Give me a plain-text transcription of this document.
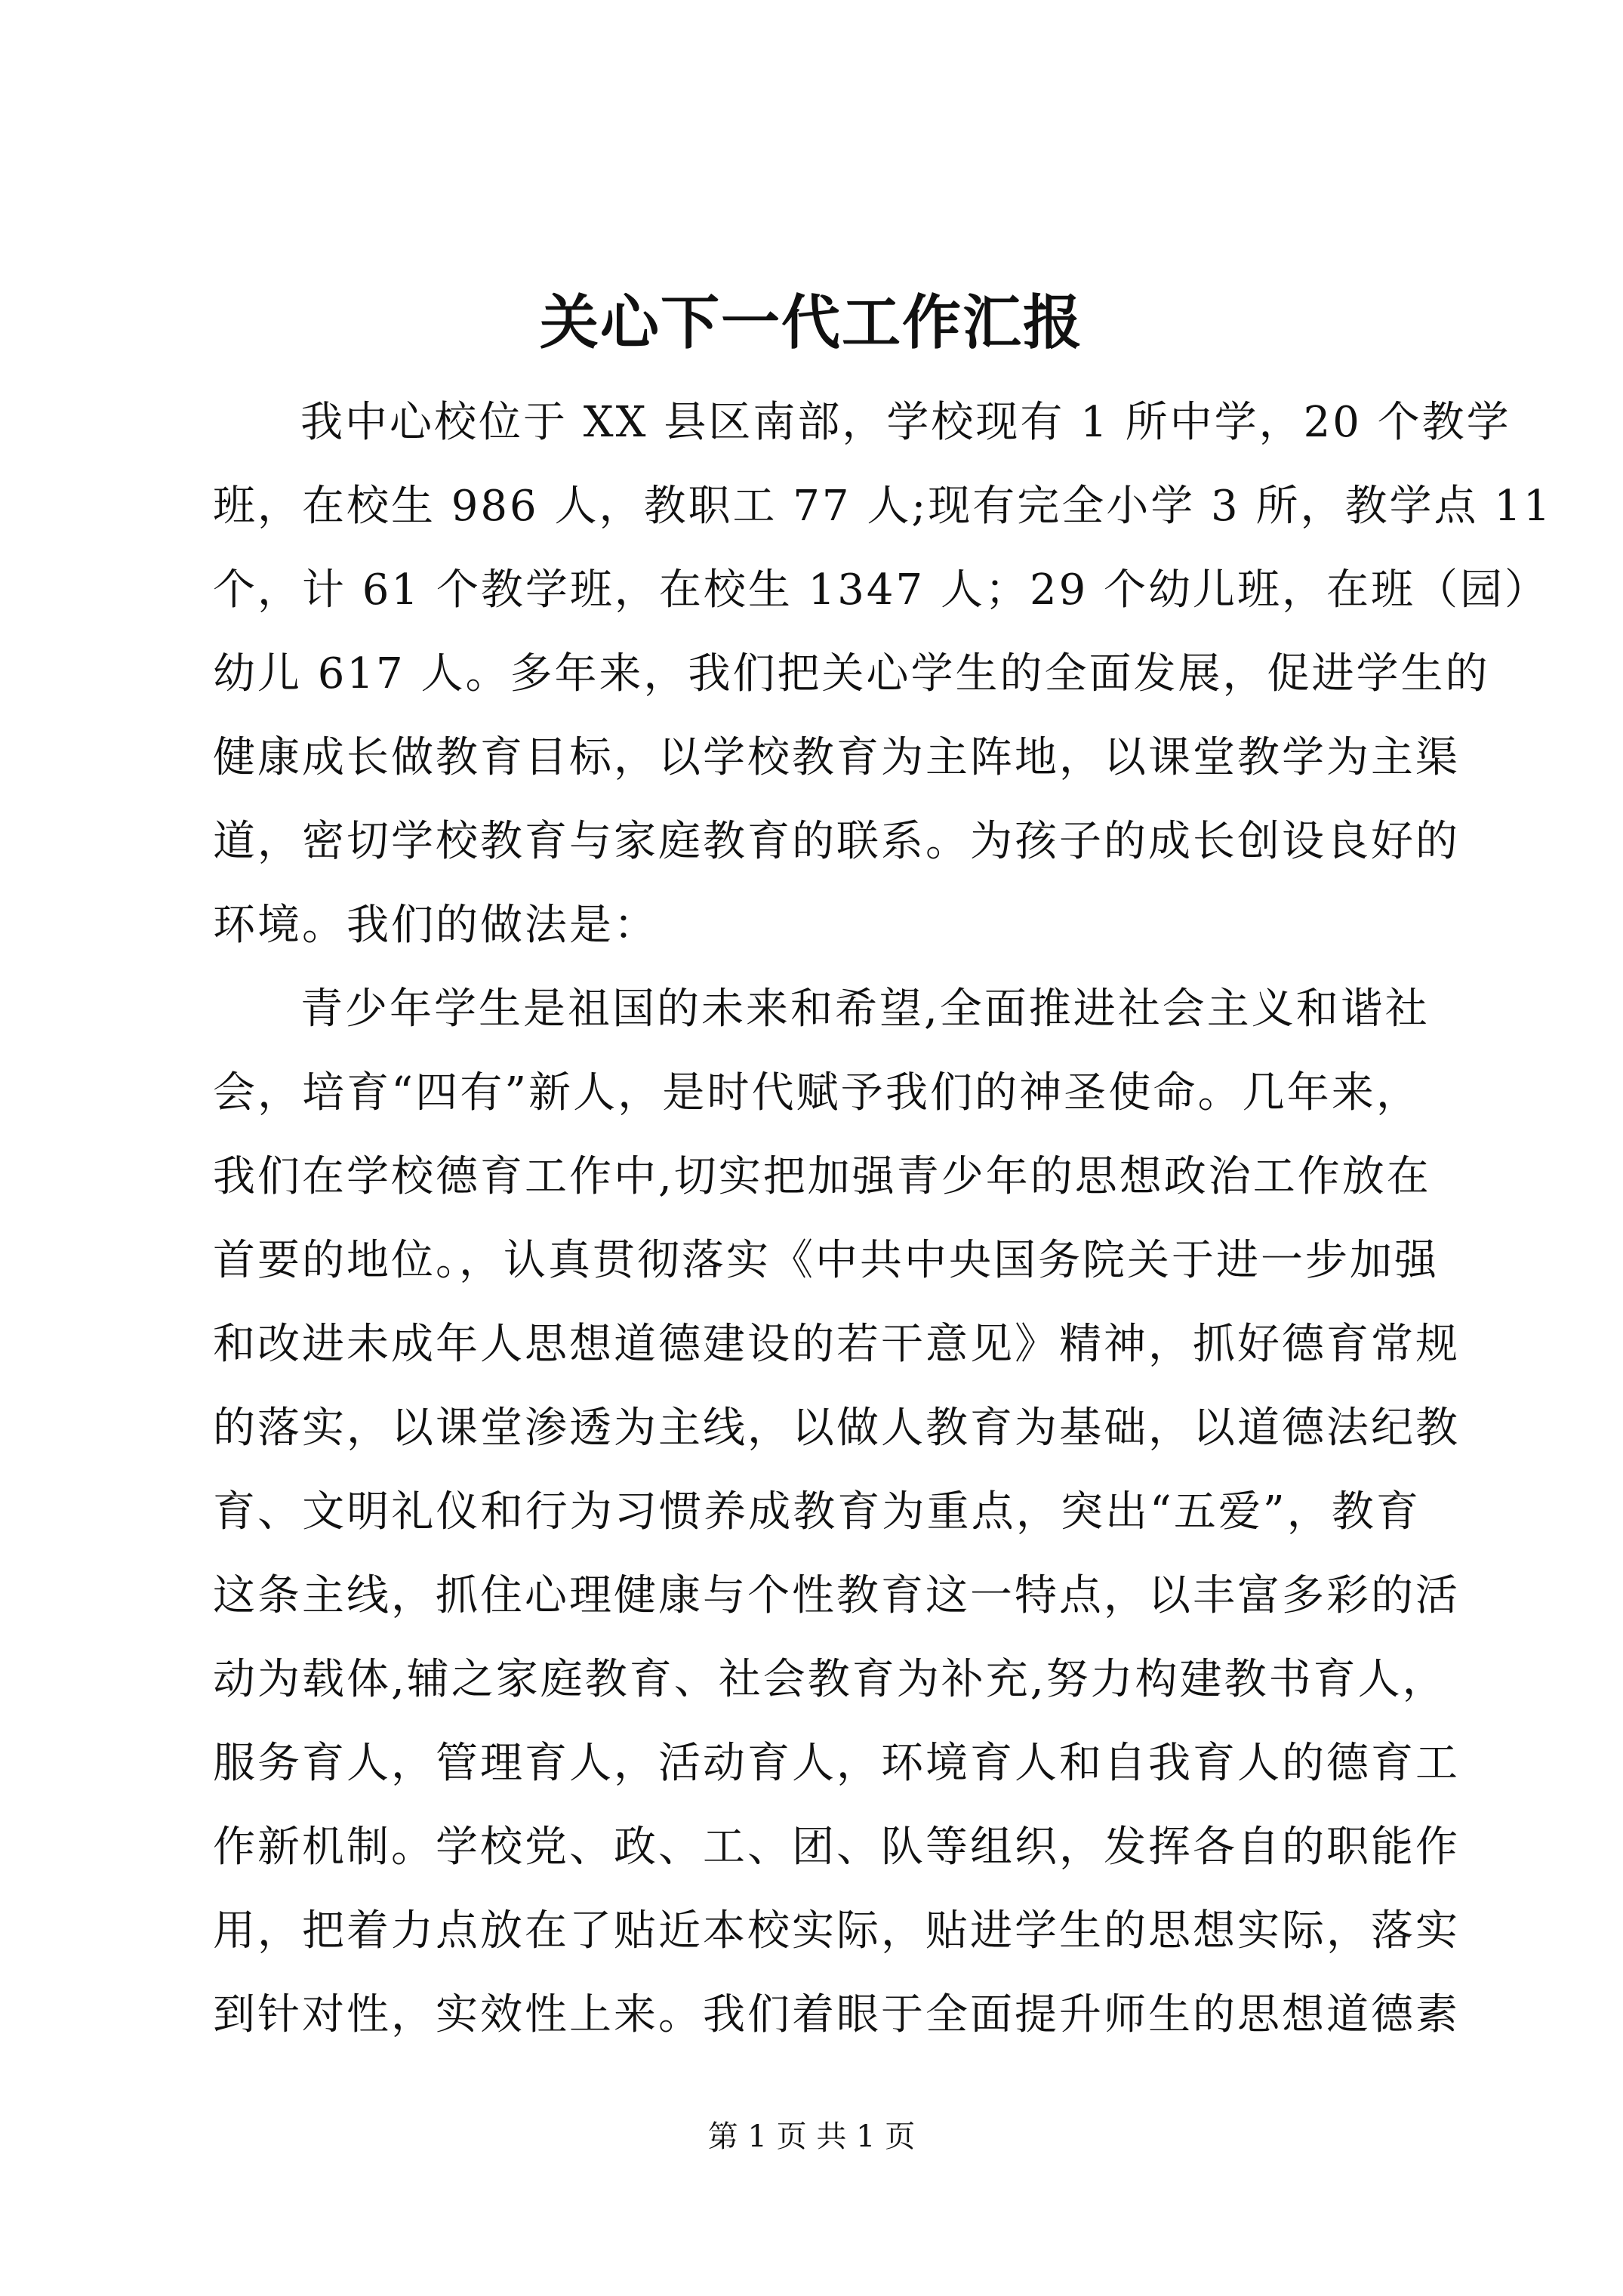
关心下一代工作汇报
我中心校位于 XX 县区南部，学校现有 1 所中学，20 个教学
班，在校生 986 人，教职工 77 人;现有完全小学 3 所，教学点 11
个，计 61 个教学班，在校生 1347 人；29 个幼儿班，在班（园）
幼儿 617 人。多年来，我们把关心学生的全面发展，促进学生的
健康成长做教育目标，以学校教育为主阵地，以课堂教学为主渠
道，密切学校教育与家庭教育的联系。为孩子的成长创设良好的
环境。我们的做法是：
青少年学生是祖国的未来和希望,全面推进社会主义和谐社
会，培育“四有”新人，是时代赋予我们的神圣使命。几年来，
我们在学校德育工作中,切实把加强青少年的思想政治工作放在
首要的地位。，认真贯彻落实《中共中央国务院关于进一步加强
和改进未成年人思想道德建设的若干意见》精神，抓好德育常规
的落实，以课堂渗透为主线，以做人教育为基础，以道德法纪教
育、文明礼仪和行为习惯养成教育为重点，突出“五爱”，教育
这条主线，抓住心理健康与个性教育这一特点，以丰富多彩的活
动为载体,辅之家庭教育、社会教育为补充,努力构建教书育人，
服务育人，管理育人，活动育人，环境育人和自我育人的德育工
作新机制。学校党、政、工、团、队等组织，发挥各自的职能作
用，把着力点放在了贴近本校实际，贴进学生的思想实际，落实
到针对性，实效性上来。我们着眼于全面提升师生的思想道德素
第 1 页 共 1 页
